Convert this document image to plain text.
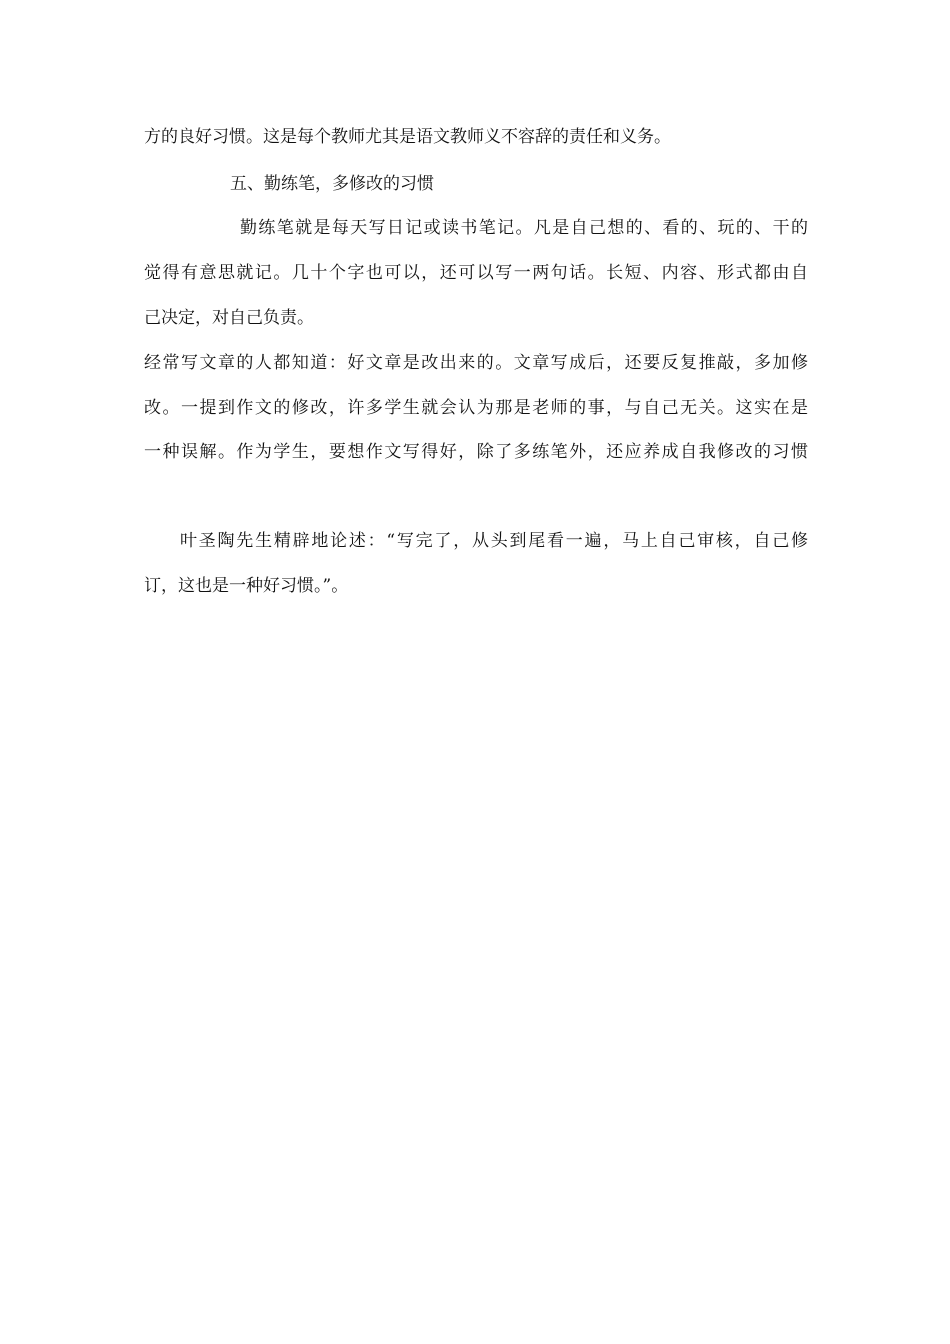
方的良好习惯。这是每个教师尤其是语文教师义不容辞的责任和义务。
五、勤练笔，多修改的习惯
勤练笔就是每天写日记或读书笔记。凡是自己想的、看的、玩的、干的
觉得有意思就记。几十个字也可以，还可以写一两句话。长短、内容、形式都由自
己决定，对自己负责。
经常写文章的人都知道：好文章是改出来的。文章写成后，还要反复推敲，多加修
改。一提到作文的修改，许多学生就会认为那是老师的事，与自己无关。这实在是
一种误解。作为学生，要想作文写得好，除了多练笔外，还应养成自我修改的习惯
叶圣陶先生精辟地论述：“写完了，从头到尾看一遍，马上自己审核，自己修
订，这也是一种好习惯。”。
